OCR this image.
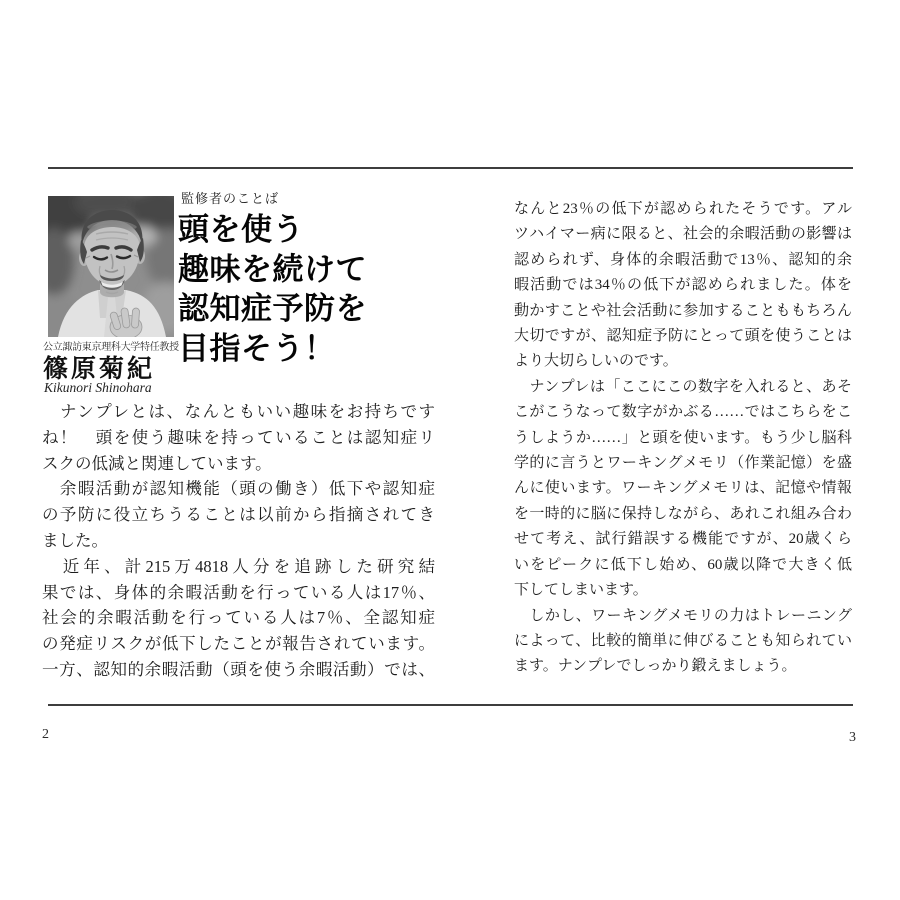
公立諏訪東京理科大学特任教授
篠原菊紀
Kikunori Shinohara
監修者のことば
頭を使う
趣味を続けて
認知症予防を
目指そう！
　ナンプレとは、なんともいい趣味をお持ちです
ね！　頭を使う趣味を持っていることは認知症リ
スクの低減と関連しています。
　余暇活動が認知機能（頭の働き）低下や認知症
の予防に役立ちうることは以前から指摘されてき
ました。
　近年、計215万4818人分を追跡した研究結
果では、身体的余暇活動を行っている人は17％、
社会的余暇活動を行っている人は7％、全認知症
の発症リスクが低下したことが報告されています。
一方、認知的余暇活動（頭を使う余暇活動）では、
2
なんと23％の低下が認められたそうです。アル
ツハイマー病に限ると、社会的余暇活動の影響は
認められず、身体的余暇活動で13％、認知的余
暇活動では34％の低下が認められました。体を
動かすことや社会活動に参加することももちろん
大切ですが、認知症予防にとって頭を使うことは
より大切らしいのです。
　ナンプレは「ここにこの数字を入れると、あそ
こがこうなって数字がかぶる……ではこちらをこ
うしようか……」と頭を使います。もう少し脳科
学的に言うとワーキングメモリ（作業記憶）を盛
んに使います。ワーキングメモリは、記憶や情報
を一時的に脳に保持しながら、あれこれ組み合わ
せて考え、試行錯誤する機能ですが、20歳くら
いをピークに低下し始め、60歳以降で大きく低
下してしまいます。
　しかし、ワーキングメモリの力はトレーニング
によって、比較的簡単に伸びることも知られてい
ます。ナンプレでしっかり鍛えましょう。
3
